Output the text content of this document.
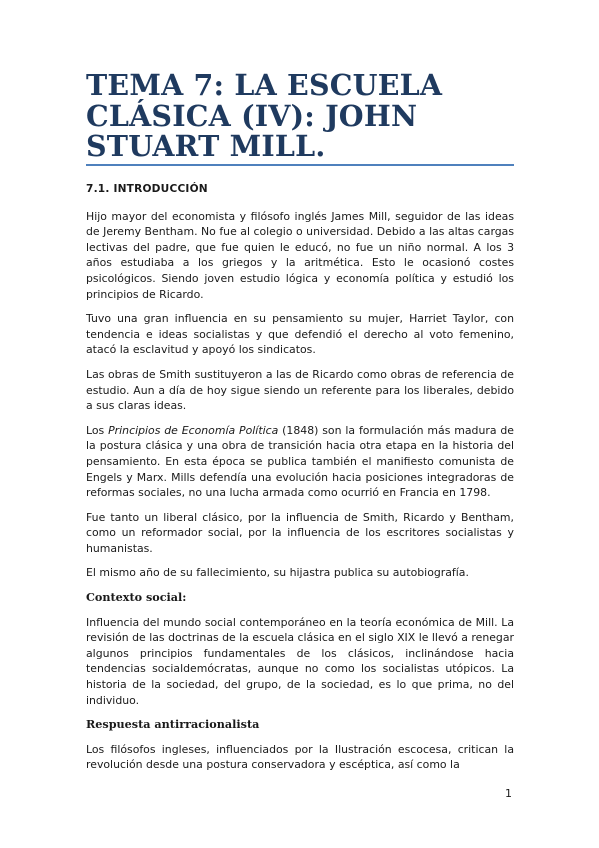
TEMA 7: LA ESCUELA CLÁSICA (IV): JOHN STUART MILL.
7.1. INTRODUCCIÓN

Hijo mayor del economista y filósofo inglés James Mill, seguidor de las ideas de Jeremy Bentham. No fue al colegio o universidad. Debido a las altas cargas lectivas del padre, que fue quien le educó, no fue un niño normal. A los 3 años estudiaba a los griegos y la aritmética. Esto le ocasionó costes psicológicos. Siendo joven estudio lógica y economía política y estudió los principios de Ricardo.

Tuvo una gran influencia en su pensamiento su mujer, Harriet Taylor, con tendencia e ideas socialistas y que defendió el derecho al voto femenino, atacó la esclavitud y apoyó los sindicatos.

Las obras de Smith sustituyeron a las de Ricardo como obras de referencia de estudio. Aun a día de hoy sigue siendo un referente para los liberales, debido a sus claras ideas.

Los Principios de Economía Política (1848) son la formulación más madura de la postura clásica y una obra de transición hacia otra etapa en la historia del pensamiento. En esta época se publica también el manifiesto comunista de Engels y Marx. Mills defendía una evolución hacia posiciones integradoras de reformas sociales, no una lucha armada como ocurrió en Francia en 1798.

Fue tanto un liberal clásico, por la influencia de Smith, Ricardo y Bentham, como un reformador social, por la influencia de los escritores socialistas y humanistas.

El mismo año de su fallecimiento, su hijastra publica su autobiografía.

Contexto social:

Influencia del mundo social contemporáneo en la teoría económica de Mill. La revisión de las doctrinas de la escuela clásica en el siglo XIX le llevó a renegar algunos principios fundamentales de los clásicos, inclinándose hacia tendencias socialdemócratas, aunque no como los socialistas utópicos. La historia de la sociedad, del grupo, de la sociedad, es lo que prima, no del individuo.

Respuesta antirracionalista

Los filósofos ingleses, influenciados por la Ilustración escocesa, critican la revolución desde una postura conservadora y escéptica, así como la

1
